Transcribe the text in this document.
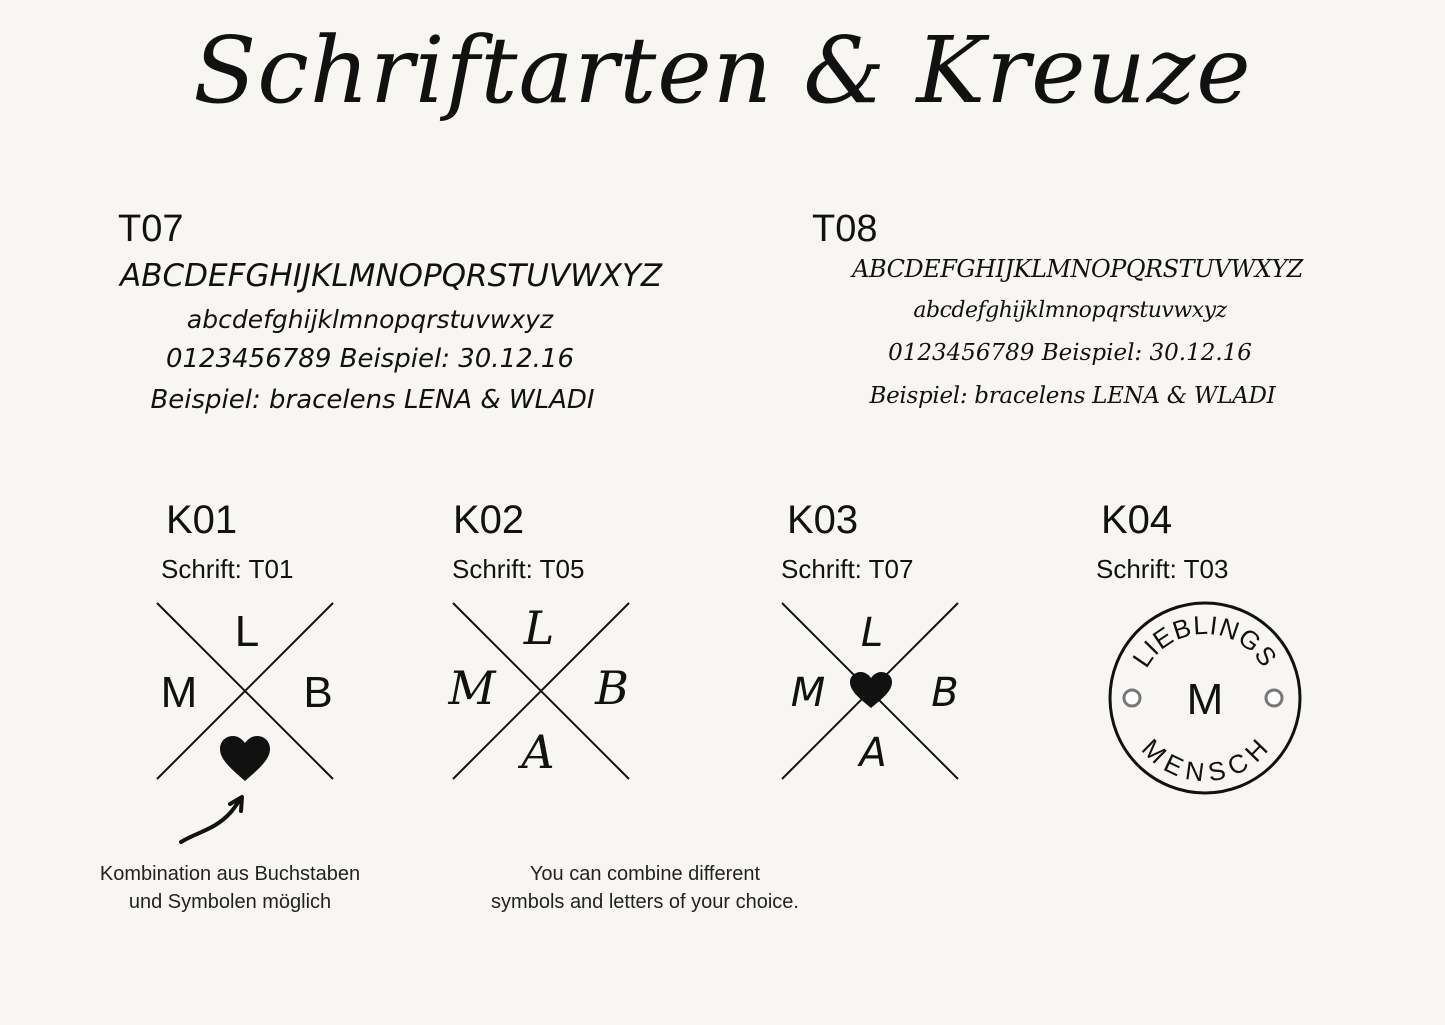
Schriftarten & Kreuze
T07
ABCDEFGHIJKLMNOPQRSTUVWXYZ
abcdefghijklmnopqrstuvwxyz
0123456789 Beispiel: 30.12.16
Beispiel: bracelens LENA & WLADI
T08
ABCDEFGHIJKLMNOPQRSTUVWXYZ
abcdefghijklmnopqrstuvwxyz
0123456789 Beispiel: 30.12.16
Beispiel: bracelens LENA & WLADI
K01
Schrift: T01
K02
Schrift: T05
K03
Schrift: T07
K04
Schrift: T03
L
M B
L
M B
A
L
M	B
A
LIEBLINGS
MENSCH
M
Kombination aus Buchstaben
und Symbolen möglich
You can combine different
symbols and letters of your choice.
